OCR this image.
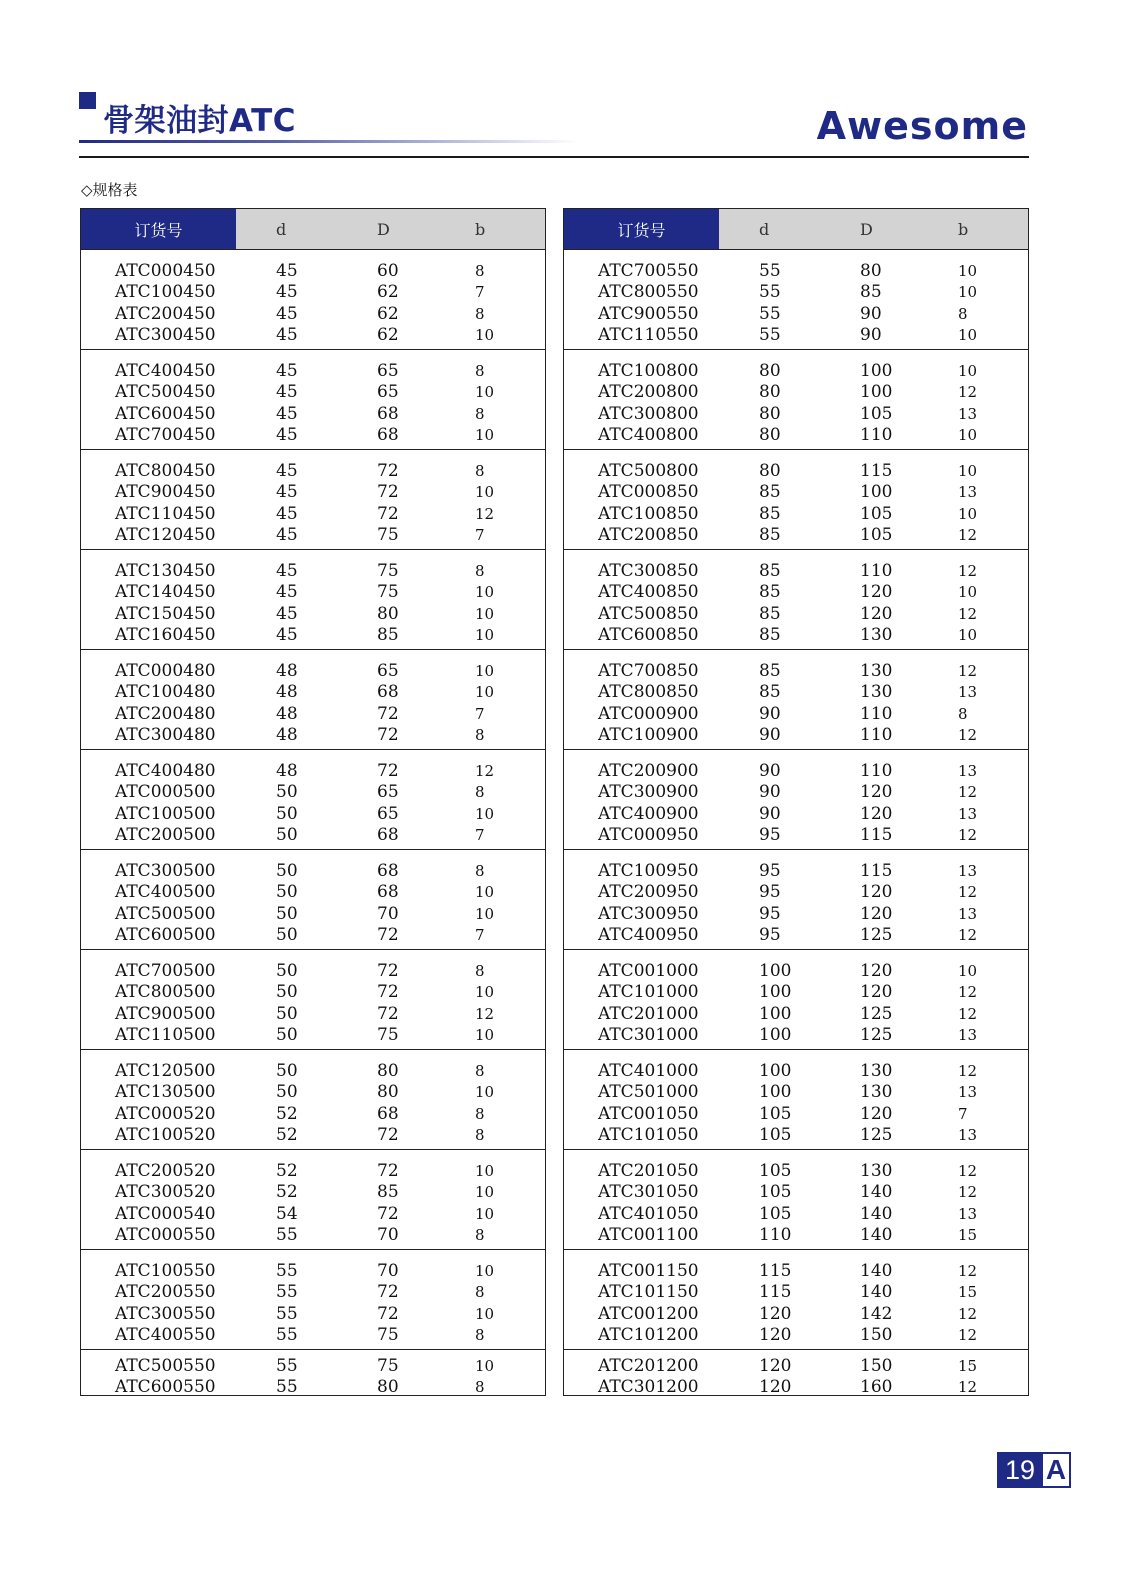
骨架油封ATC	Awesome
◇规格表
订货号	d	D	b
ATC000450	45	60	8
ATC100450	45	62	7
ATC200450	45	62	8
ATC300450	45	62	10
ATC400450	45	65	8
ATC500450	45	65	10
ATC600450	45	68	8
ATC700450	45	68	10
ATC800450	45	72	8
ATC900450	45	72	10
ATC110450	45	72	12
ATC120450	45	75	7
ATC130450	45	75	8
ATC140450	45	75	10
ATC150450	45	80	10
ATC160450	45	85	10
ATC000480	48	65	10
ATC100480	48	68	10
ATC200480	48	72	7
ATC300480	48	72	8
ATC400480	48	72	12
ATC000500	50	65	8
ATC100500	50	65	10
ATC200500	50	68	7
ATC300500	50	68	8
ATC400500	50	68	10
ATC500500	50	70	10
ATC600500	50	72	7
ATC700500	50	72	8
ATC800500	50	72	10
ATC900500	50	72	12
ATC110500	50	75	10
ATC120500	50	80	8
ATC130500	50	80	10
ATC000520	52	68	8
ATC100520	52	72	8
ATC200520	52	72	10
ATC300520	52	85	10
ATC000540	54	72	10
ATC000550	55	70	8
ATC100550	55	70	10
ATC200550	55	72	8
ATC300550	55	72	10
ATC400550	55	75	8
ATC500550	55	75	10
ATC600550	55	80	8
订货号	d	D	b
ATC700550	55	80	10
ATC800550	55	85	10
ATC900550	55	90	8
ATC110550	55	90	10
ATC100800	80	100	10
ATC200800	80	100	12
ATC300800	80	105	13
ATC400800	80	110	10
ATC500800	80	115	10
ATC000850	85	100	13
ATC100850	85	105	10
ATC200850	85	105	12
ATC300850	85	110	12
ATC400850	85	120	10
ATC500850	85	120	12
ATC600850	85	130	10
ATC700850	85	130	12
ATC800850	85	130	13
ATC000900	90	110	8
ATC100900	90	110	12
ATC200900	90	110	13
ATC300900	90	120	12
ATC400900	90	120	13
ATC000950	95	115	12
ATC100950	95	115	13
ATC200950	95	120	12
ATC300950	95	120	13
ATC400950	95	125	12
ATC001000	100	120	10
ATC101000	100	120	12
ATC201000	100	125	12
ATC301000	100	125	13
ATC401000	100	130	12
ATC501000	100	130	13
ATC001050	105	120	7
ATC101050	105	125	13
ATC201050	105	130	12
ATC301050	105	140	12
ATC401050	105	140	13
ATC001100	110	140	15
ATC001150	115	140	12
ATC101150	115	140	15
ATC001200	120	142	12
ATC101200	120	150	12
ATC201200	120	150	15
ATC301200	120	160	12
19 A
